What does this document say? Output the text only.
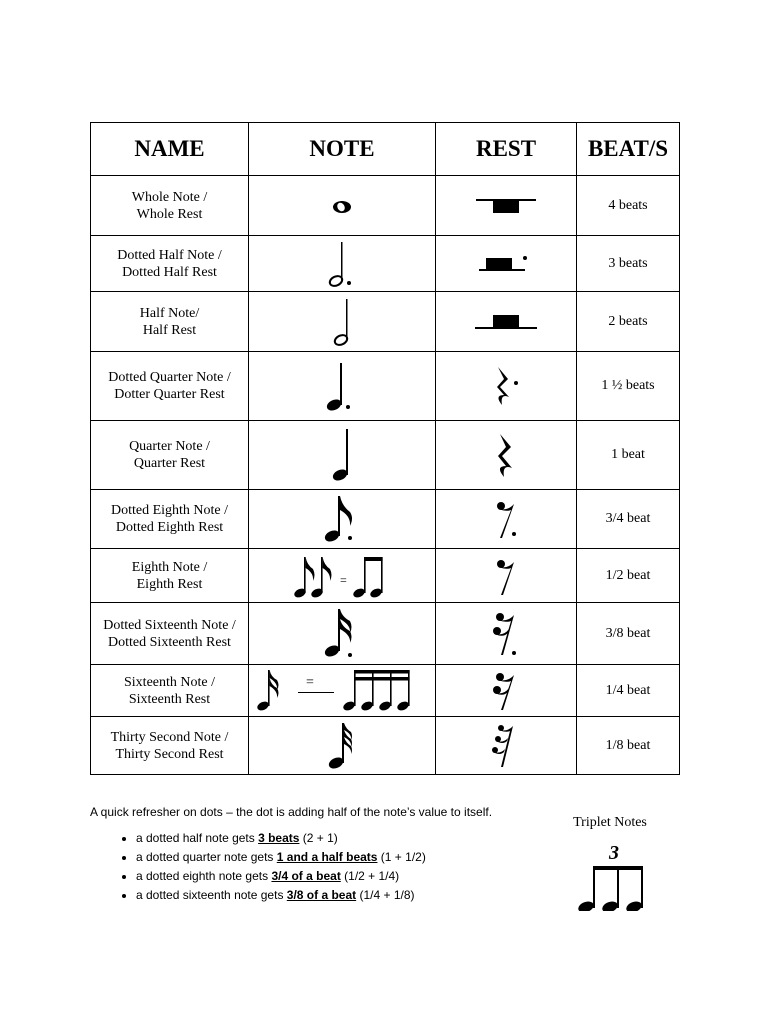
NAME	NOTE	REST	BEAT/S
Whole Note /
Whole Rest			4 beats
Dotted Half Note /
Dotted Half Rest			3 beats
Half Note/
Half Rest			2 beats
Dotted Quarter Note /
Dotter Quarter Rest			1 ½ beats
Quarter Note /
Quarter Rest			1 beat
Dotted Eighth Note /
Dotted Eighth Rest			3/4 beat
Eighth Note /
Eighth Rest	=		1/2 beat
Dotted Sixteenth Note /
Dotted Sixteenth Rest			3/8 beat
Sixteenth Note /
Sixteenth Rest	=		1/4 beat
Thirty Second Note /
Thirty Second Rest			1/8 beat

A quick refresher on dots – the dot is adding half of the note’s value to itself.

• a dotted half note gets 3 beats (2 + 1)
• a dotted quarter note gets 1 and a half beats (1 + 1/2)
• a dotted eighth note gets 3/4 of a beat (1/2 + 1/4)
• a dotted sixteenth note gets 3/8 of a beat (1/4 + 1/8)
Triplet Notes
3
